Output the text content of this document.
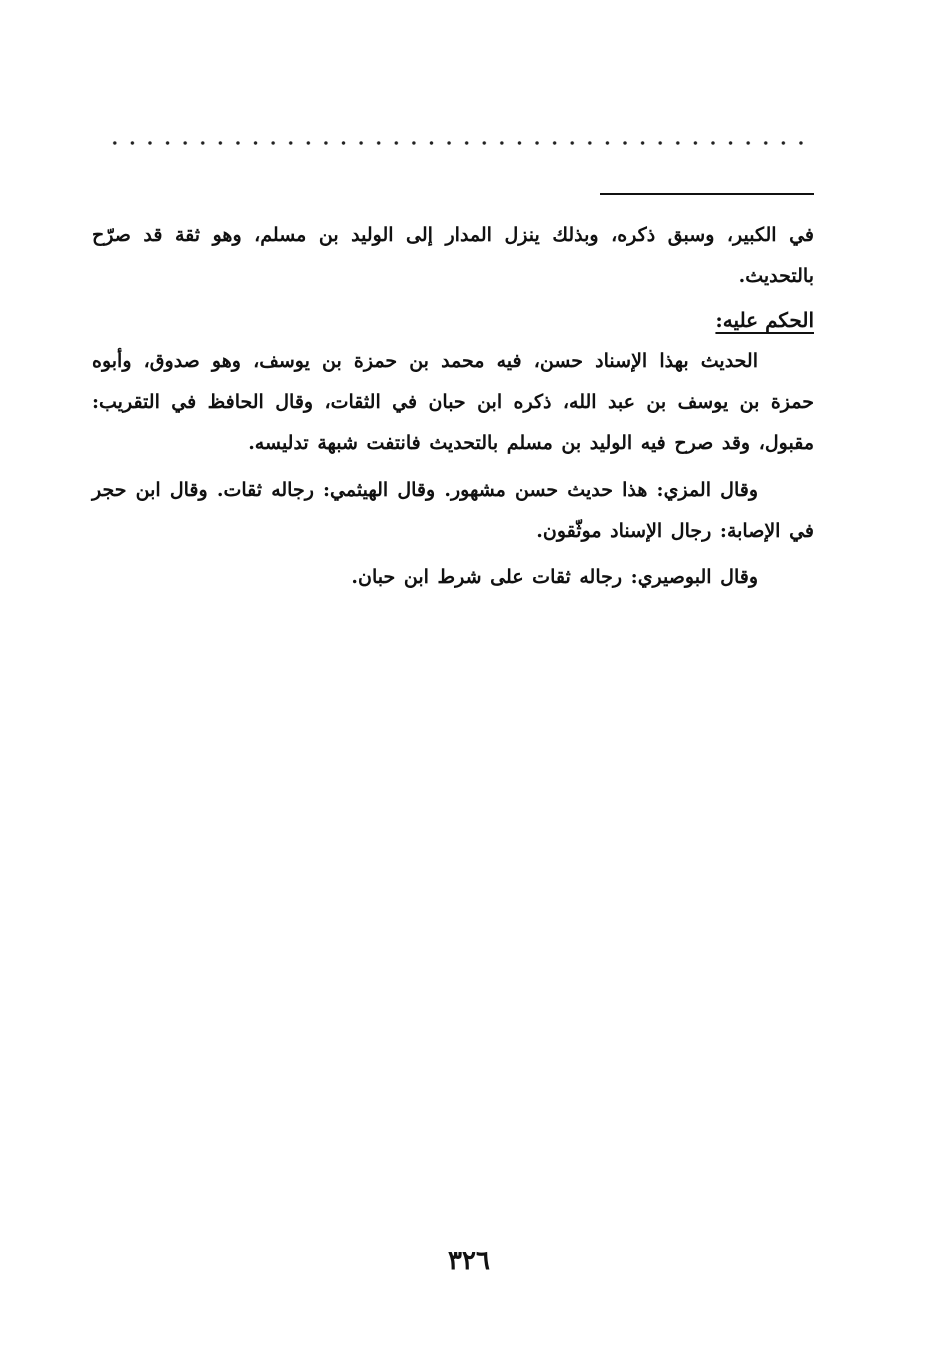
في الكبير، وسبق ذكره، وبذلك ينزل المدار إلى الوليد بن مسلم، وهو ثقة قد صرّح بالتحديث.

الحكم عليه:

الحديث بهذا الإسناد حسن، فيه محمد بن حمزة بن يوسف، وهو صدوق، وأبوه حمزة بن يوسف بن عبد الله، ذكره ابن حبان في الثقات، وقال الحافظ في التقريب: مقبول، وقد صرح فيه الوليد بن مسلم بالتحديث فانتفت شبهة تدليسه.

وقال المزي: هذا حديث حسن مشهور. وقال الهيثمي: رجاله ثقات. وقال ابن حجر في الإصابة: رجال الإسناد موثّقون.

وقال البوصيري: رجاله ثقات على شرط ابن حبان.

٣٢٦
